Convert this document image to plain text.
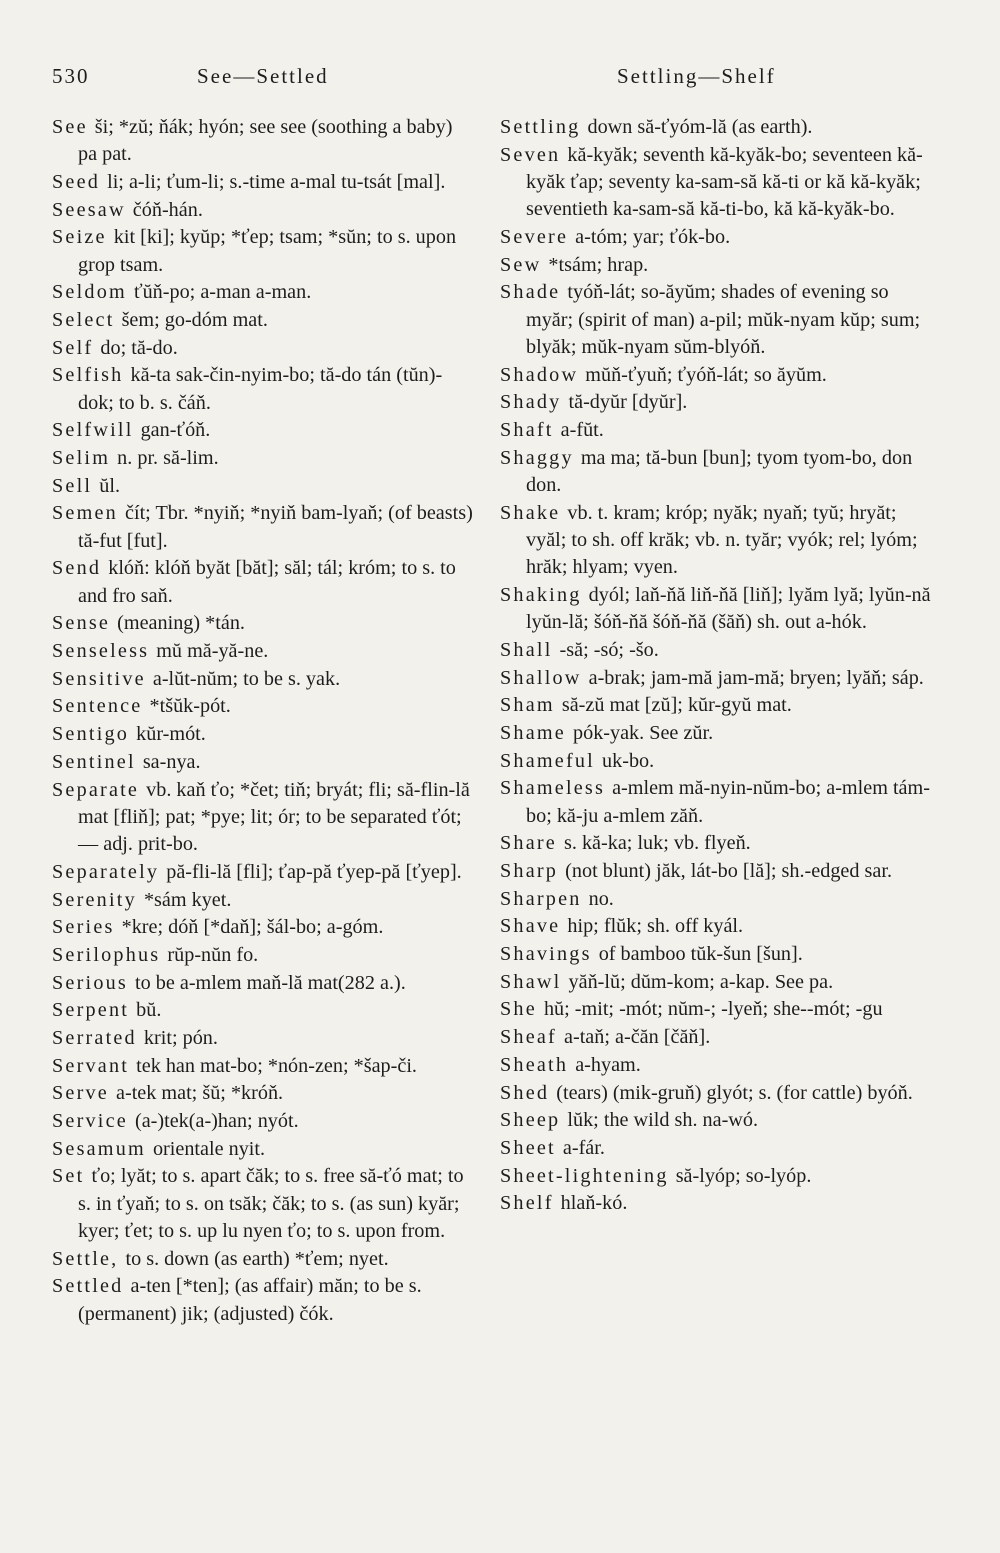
530	See—Settled	Settling—Shelf

See ši; *zŭ; ňák; hyón; see see (soothing a baby) pa pat.

Seed li; a-li; ťum-li; s.-time a-mal tu-tsát [mal].

Seesaw čóň-hán.

Seize kit [ki]; kyŭp; *ťep; tsam; *sŭn; to s. upon grop tsam.

Seldom ťŭň-po; a-man a-man.

Select šem; go-dóm mat.

Self do; tă-do.

Selfish kă-ta sak-čin-nyim-bo; tă-do tán (tŭn)-dok; to b. s. čáň.

Selfwill gan-ťóň.

Selim n. pr. să-lim.

Sell ŭl.

Semen čít; Tbr. *nyiň; *nyiň bam-lyaň; (of beasts) tă-fut [fut].

Send klóň: klóň byăt [băt]; săl; tál; króm; to s. to and fro saň.

Sense (meaning) *tán.

Senseless mŭ mă-yă-ne.

Sensitive a-lŭt-nŭm; to be s. yak.

Sentence *tšŭk-pót.

Sentigo kŭr-mót.

Sentinel sa-nya.

Separate vb. kaň ťo; *čet; tiň; bryát; fli; să-flin-lă mat [fliň]; pat; *pye; lit; ór; to be separated ťót; — adj. prit-bo.

Separately pă-fli-lă [fli]; ťap-pă ťyep-pă [ťyep].

Serenity *sám kyet.

Series *kre; dóň [*daň]; šál-bo; a-góm.

Serilophus rŭp-nŭn fo.

Serious to be a-mlem maň-lă mat(282 a.).

Serpent bŭ.

Serrated krit; pón.

Servant tek han mat-bo; *nón-zen; *šap-či.

Serve a-tek mat; šŭ; *króň.

Service (a-)tek(a-)han; nyót.

Sesamum orientale nyit.

Set ťo; lyăt; to s. apart čăk; to s. free să-ťó mat; to s. in ťyaň; to s. on tsăk; čăk; to s. (as sun) kyăr; kyer; ťet; to s. up lu nyen ťo; to s. upon from.

Settle, to s. down (as earth) *ťem; nyet.

Settled a-ten [*ten]; (as affair) măn; to be s. (permanent) jik; (adjusted) čók.

Settling down să-ťyóm-lă (as earth).

Seven kă-kyăk; seventh kă-kyăk-bo; seventeen kă-kyăk ťap; seventy ka-sam-să kă-ti or kă kă-kyăk; seventieth ka-sam-să kă-ti-bo, kă kă-kyăk-bo.

Severe a-tóm; yar; ťók-bo.

Sew *tsám; hrap.

Shade tyóň-lát; so-ăyŭm; shades of evening so myăr; (spirit of man) a-pil; mŭk-nyam kŭp; sum; blyăk; mŭk-nyam sŭm-blyóň.

Shadow mŭň-ťyuň; ťyóň-lát; so ăyŭm.

Shady tă-dyŭr [dyŭr].

Shaft a-fŭt.

Shaggy ma ma; tă-bun [bun]; tyom tyom-bo, don don.

Shake vb. t. kram; króp; nyăk; nyaň; tyŭ; hryăt; vyăl; to sh. off krăk; vb. n. tyăr; vyók; rel; lyóm; hrăk; hlyam; vyen.

Shaking dyól; laň-ňă liň-ňă [liň]; lyăm lyă; lyŭn-nă lyŭn-lă; šóň-ňă šóň-ňă (šăň) sh. out a-hók.

Shall -să; -só; -šo.

Shallow a-brak; jam-mă jam-mă; bryen; lyăň; sáp.

Sham să-zŭ mat [zŭ]; kŭr-gyŭ mat.

Shame pók-yak. See zŭr.

Shameful uk-bo.

Shameless a-mlem mă-nyin-nŭm-bo; a-mlem tám-bo; kă-ju a-mlem zăň.

Share s. kă-ka; luk; vb. flyeň.

Sharp (not blunt) jăk, lát-bo [lă]; sh.-edged sar.

Sharpen no.

Shave hip; flŭk; sh. off kyál.

Shavings of bamboo tŭk-šun [šun].

Shawl yăň-lŭ; dŭm-kom; a-kap. See pa.

She hŭ; -mit; -mót; nŭm-; -lyeň; she--mót; -gu

Sheaf a-taň; a-čăn [čăň].

Sheath a-hyam.

Shed (tears) (mik-gruň) glyót; s. (for cattle) byóň.

Sheep lŭk; the wild sh. na-wó.

Sheet a-fár.

Sheet-lightening să-lyóp; so-lyóp.

Shelf hlaň-kó.
